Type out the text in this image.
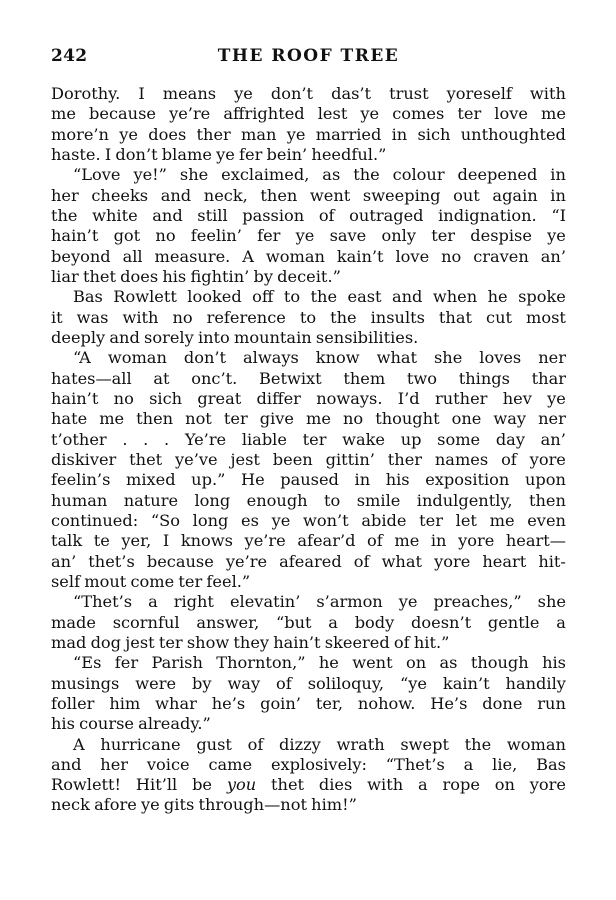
242	THE ROOF TREE
Dorothy. I means ye don’t das’t trust yoreself with
me because ye’re affrighted lest ye comes ter love me
more’n ye does ther man ye married in sich unthoughted
haste. I don’t blame ye fer bein’ heedful.”
“Love ye!” she exclaimed, as the colour deepened in
her cheeks and neck, then went sweeping out again in
the white and still passion of outraged indignation. “I
hain’t got no feelin’ fer ye save only ter despise ye
beyond all measure. A woman kain’t love no craven an’
liar thet does his fightin’ by deceit.”
Bas Rowlett looked off to the east and when he spoke
it was with no reference to the insults that cut most
deeply and sorely into mountain sensibilities.
“A woman don’t always know what she loves ner
hates—all at onc’t. Betwixt them two things thar
hain’t no sich great differ noways. I’d ruther hev ye
hate me then not ter give me no thought one way ner
t’other . . . Ye’re liable ter wake up some day an’
diskiver thet ye’ve jest been gittin’ ther names of yore
feelin’s mixed up.” He paused in his exposition upon
human nature long enough to smile indulgently, then
continued: “So long es ye won’t abide ter let me even
talk te yer, I knows ye’re afear’d of me in yore heart—
an’ thet’s because ye’re afeared of what yore heart hit-
self mout come ter feel.”
“Thet’s a right elevatin’ s’armon ye preaches,” she
made scornful answer, “but a body doesn’t gentle a
mad dog jest ter show they hain’t skeered of hit.”
“Es fer Parish Thornton,” he went on as though his
musings were by way of soliloquy, “ye kain’t handily
foller him whar he’s goin’ ter, nohow. He’s done run
his course already.”
A hurricane gust of dizzy wrath swept the woman
and her voice came explosively: “Thet’s a lie, Bas
Rowlett! Hit’ll be you thet dies with a rope on yore
neck afore ye gits through—not him!”
